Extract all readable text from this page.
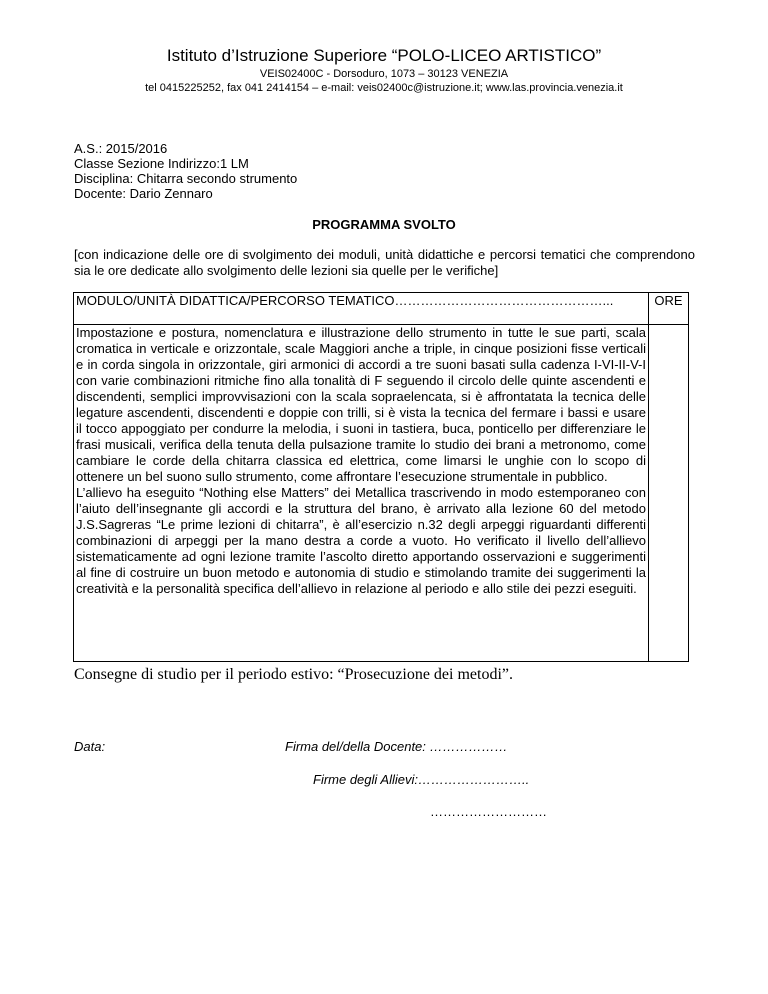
Istituto d’Istruzione Superiore “POLO-LICEO ARTISTICO”
VEIS02400C - Dorsoduro, 1073 – 30123 VENEZIA
tel 0415225252, fax 041 2414154 – e-mail: veis02400c@istruzione.it; www.las.provincia.venezia.it
A.S.: 2015/2016
Classe Sezione Indirizzo:1 LM
Disciplina: Chitarra secondo strumento
Docente: Dario Zennaro
PROGRAMMA SVOLTO
[con indicazione delle ore di svolgimento dei moduli, unità didattiche e percorsi tematici che comprendono sia le ore dedicate allo svolgimento delle lezioni sia quelle per le verifiche]
MODULO/UNITÀ DIDATTICA/PERCORSO TEMATICO…………………………………………...	ORE

Impostazione e postura, nomenclatura e illustrazione dello strumento in tutte le sue parti, scala cromatica in verticale e orizzontale, scale Maggiori anche a triple, in cinque posizioni fisse verticali e in corda singola in orizzontale, giri armonici di accordi a tre suoni basati sulla cadenza I-VI-II-V-I con varie combinazioni ritmiche fino alla tonalità di F seguendo il circolo delle quinte ascendenti e discendenti, semplici improvvisazioni con la scala sopraelencata, si è affrontatata la tecnica delle legature ascendenti, discendenti e doppie con trilli, si è vista la tecnica del fermare i bassi e usare il tocco appoggiato per condurre la melodia, i suoni in tastiera, buca, ponticello per differenziare le frasi musicali, verifica della tenuta della pulsazione tramite lo studio dei brani a metronomo, come cambiare le corde della chitarra classica ed elettrica, come limarsi le unghie con lo scopo di ottenere un bel suono sullo strumento, come affrontare l’esecuzione strumentale in pubblico.

L’allievo ha eseguito “Nothing else Matters” dei Metallica trascrivendo in modo estemporaneo con l’aiuto dell’insegnante gli accordi e la struttura del brano, è arrivato alla lezione 60 del metodo J.S.Sagreras “Le prime lezioni di chitarra”, è all’esercizio n.32 degli arpeggi riguardanti differenti combinazioni di arpeggi per la mano destra a corde a vuoto. Ho verificato il livello dell’allievo sistematicamente ad ogni lezione tramite l’ascolto diretto apportando osservazioni e suggerimenti al fine di costruire un buon metodo e autonomia di studio e stimolando tramite dei suggerimenti la creatività e la personalità specifica dell’allievo in relazione al periodo e allo stile dei pezzi eseguiti.	

Consegne di studio per il periodo estivo: “Prosecuzione dei metodi”.
Data:	Firma del/della Docente: ………………
Firme degli Allievi:……………………..
………………………
